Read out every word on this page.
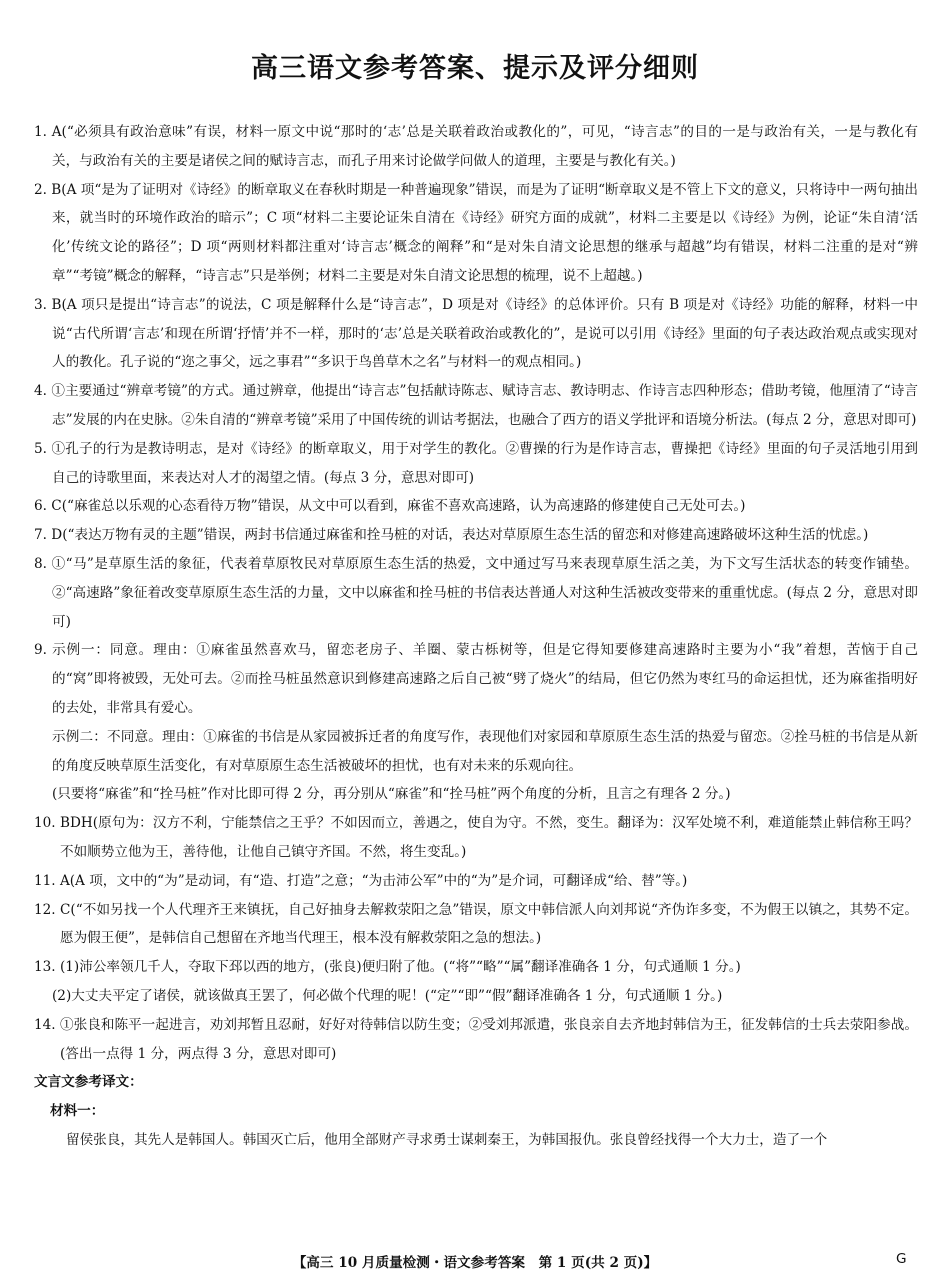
高三语文参考答案、提示及评分细则
1. A(“必须具有政治意味”有误，材料一原文中说“那时的‘志’总是关联着政治或教化的”，可见，“诗言志”的目的一是与政治有关，一是与教化有关，与政治有关的主要是诸侯之间的赋诗言志，而孔子用来讨论做学问做人的道理，主要是与教化有关。)
2. B(A 项“是为了证明对《诗经》的断章取义在春秋时期是一种普遍现象”错误，而是为了证明“断章取义是不管上下文的意义，只将诗中一两句抽出来，就当时的环境作政治的暗示”；C 项“材料二主要论证朱自清在《诗经》研究方面的成就”，材料二主要是以《诗经》为例，论证“朱自清‘活化’传统文论的路径”；D 项“两则材料都注重对‘诗言志’概念的阐释”和“是对朱自清文论思想的继承与超越”均有错误，材料二注重的是对“辨章”“考镜”概念的解释，“诗言志”只是举例；材料二主要是对朱自清文论思想的梳理，说不上超越。)
3. B(A 项只是提出“诗言志”的说法，C 项是解释什么是“诗言志”，D 项是对《诗经》的总体评价。只有 B 项是对《诗经》功能的解释，材料一中说“古代所谓‘言志’和现在所谓‘抒情’并不一样，那时的‘志’总是关联着政治或教化的”，是说可以引用《诗经》里面的句子表达政治观点或实现对人的教化。孔子说的“迩之事父，远之事君”“多识于鸟兽草木之名”与材料一的观点相同。)
4. ①主要通过“辨章考镜”的方式。通过辨章，他提出“诗言志”包括献诗陈志、赋诗言志、教诗明志、作诗言志四种形态；借助考镜，他厘清了“诗言志”发展的内在史脉。②朱自清的“辨章考镜”采用了中国传统的训诂考据法，也融合了西方的语义学批评和语境分析法。(每点 2 分，意思对即可)
5. ①孔子的行为是教诗明志，是对《诗经》的断章取义，用于对学生的教化。②曹操的行为是作诗言志，曹操把《诗经》里面的句子灵活地引用到自己的诗歌里面，来表达对人才的渴望之情。(每点 3 分，意思对即可)
6. C(“麻雀总以乐观的心态看待万物”错误，从文中可以看到，麻雀不喜欢高速路，认为高速路的修建使自己无处可去。)
7. D(“表达万物有灵的主题”错误，两封书信通过麻雀和拴马桩的对话，表达对草原原生态生活的留恋和对修建高速路破坏这种生活的忧虑。)
8. ①“马”是草原生活的象征，代表着草原牧民对草原原生态生活的热爱，文中通过写马来表现草原生活之美，为下文写生活状态的转变作铺垫。②“高速路”象征着改变草原原生态生活的力量，文中以麻雀和拴马桩的书信表达普通人对这种生活被改变带来的重重忧虑。(每点 2 分，意思对即可)
9. 示例一：同意。理由：①麻雀虽然喜欢马，留恋老房子、羊圈、蒙古栎树等，但是它得知要修建高速路时主要为小“我”着想，苦恼于自己的“窝”即将被毁，无处可去。②而拴马桩虽然意识到修建高速路之后自己被“劈了烧火”的结局，但它仍然为枣红马的命运担忧，还为麻雀指明好的去处，非常具有爱心。
示例二：不同意。理由：①麻雀的书信是从家园被拆迁者的角度写作，表现他们对家园和草原原生态生活的热爱与留恋。②拴马桩的书信是从新的角度反映草原生活变化，有对草原原生态生活被破坏的担忧，也有对未来的乐观向往。
(只要将“麻雀”和“拴马桩”作对比即可得 2 分，再分别从“麻雀”和“拴马桩”两个角度的分析，且言之有理各 2 分。)
10. BDH(原句为：汉方不利，宁能禁信之王乎？不如因而立，善遇之，使自为守。不然，变生。翻译为：汉军处境不利，难道能禁止韩信称王吗？不如顺势立他为王，善待他，让他自己镇守齐国。不然，将生变乱。)
11. A(A 项，文中的“为”是动词，有“造、打造”之意；“为击沛公军”中的“为”是介词，可翻译成“给、替”等。)
12. C(“不如另找一个人代理齐王来镇抚，自己好抽身去解救荥阳之急”错误，原文中韩信派人向刘邦说“齐伪诈多变，不为假王以镇之，其势不定。愿为假王便”，是韩信自己想留在齐地当代理王，根本没有解救荥阳之急的想法。)
13. (1)沛公率领几千人，夺取下邳以西的地方，(张良)便归附了他。(“将”“略”“属”翻译准确各 1 分，句式通顺 1 分。)
(2)大丈夫平定了诸侯，就该做真王罢了，何必做个代理的呢！(“定”“即”“假”翻译准确各 1 分，句式通顺 1 分。)
14. ①张良和陈平一起进言，劝刘邦暂且忍耐，好好对待韩信以防生变；②受刘邦派遣，张良亲自去齐地封韩信为王，征发韩信的士兵去荥阳参战。(答出一点得 1 分，两点得 3 分，意思对即可)
文言文参考译文：
材料一：
留侯张良，其先人是韩国人。韩国灭亡后，他用全部财产寻求勇士谋刺秦王，为韩国报仇。张良曾经找得一个大力士，造了一个
【高三 10 月质量检测・语文参考答案　第 1 页(共 2 页)】	G
